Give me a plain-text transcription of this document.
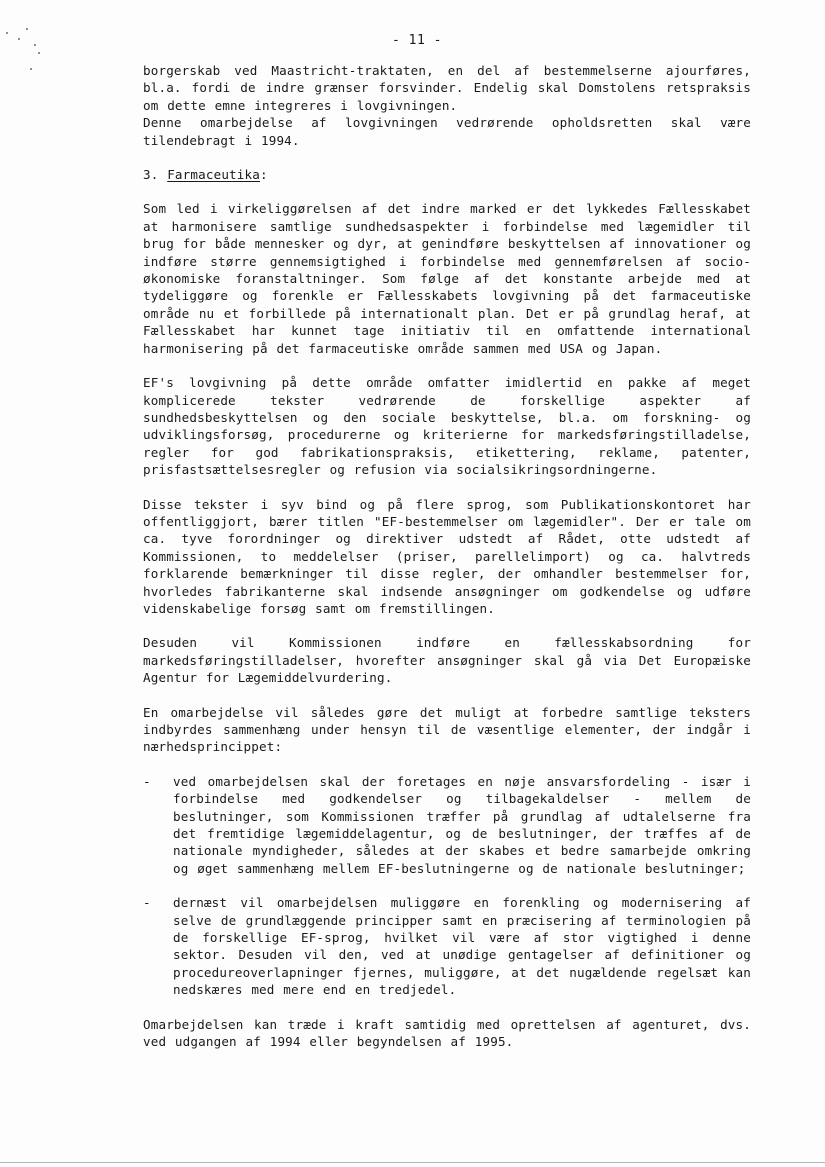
- 11 -

borgerskab ved Maastricht-traktaten, en del af bestemmelserne ajourføres, bl.a. fordi de indre grænser forsvinder. Endelig skal Domstolens retspraksis om dette emne integreres i lovgivningen.

Denne omarbejdelse af lovgivningen vedrørende opholdsretten skal være tilendebragt i 1994.

3. Farmaceutika:

Som led i virkeliggørelsen af det indre marked er det lykkedes Fællesskabet at harmonisere samtlige sundhedsaspekter i forbindelse med lægemidler til brug for både mennesker og dyr, at genindføre beskyttelsen af innovationer og indføre større gennemsigtighed i forbindelse med gennemførelsen af socio-økonomiske foranstaltninger. Som følge af det konstante arbejde med at tydeliggøre og forenkle er Fællesskabets lovgivning på det farmaceutiske område nu et forbillede på internationalt plan. Det er på grundlag heraf, at Fællesskabet har kunnet tage initiativ til en omfattende international harmonisering på det farmaceutiske område sammen med USA og Japan.

EF's lovgivning på dette område omfatter imidlertid en pakke af meget komplicerede tekster vedrørende de forskellige aspekter af sundhedsbeskyttelsen og den sociale beskyttelse, bl.a. om forskning- og udviklingsforsøg, procedurerne og kriterierne for markedsføringstilladelse, regler for god fabrikationspraksis, etikettering, reklame, patenter, prisfastsættelsesregler og refusion via socialsikringsordningerne.

Disse tekster i syv bind og på flere sprog, som Publikationskontoret har offentliggjort, bærer titlen "EF-bestemmelser om lægemidler". Der er tale om ca. tyve forordninger og direktiver udstedt af Rådet, otte udstedt af Kommissionen, to meddelelser (priser, parellelimport) og ca. halvtreds forklarende bemærkninger til disse regler, der omhandler bestemmelser for, hvorledes fabrikanterne skal indsende ansøgninger om godkendelse og udføre videnskabelige forsøg samt om fremstillingen.

Desuden vil Kommissionen indføre en fællesskabsordning for markedsføringstilladelser, hvorefter ansøgninger skal gå via Det Europæiske Agentur for Lægemiddelvurdering.

En omarbejdelse vil således gøre det muligt at forbedre samtlige teksters indbyrdes sammenhæng under hensyn til de væsentlige elementer, der indgår i nærhedsprincippet:

- ved omarbejdelsen skal der foretages en nøje ansvarsfordeling - især i forbindelse med godkendelser og tilbagekaldelser - mellem de beslutninger, som Kommissionen træffer på grundlag af udtalelserne fra det fremtidige lægemiddelagentur, og de beslutninger, der træffes af de nationale myndigheder, således at der skabes et bedre samarbejde omkring og øget sammenhæng mellem EF-beslutningerne og de nationale beslutninger;
- dernæst vil omarbejdelsen muliggøre en forenkling og modernisering af selve de grundlæggende principper samt en præcisering af terminologien på de forskellige EF-sprog, hvilket vil være af stor vigtighed i denne sektor. Desuden vil den, ved at unødige gentagelser af definitioner og procedureoverlapninger fjernes, muliggøre, at det nugældende regelsæt kan nedskæres med mere end en tredjedel.

Omarbejdelsen kan træde i kraft samtidig med oprettelsen af agenturet, dvs. ved udgangen af 1994 eller begyndelsen af 1995.
